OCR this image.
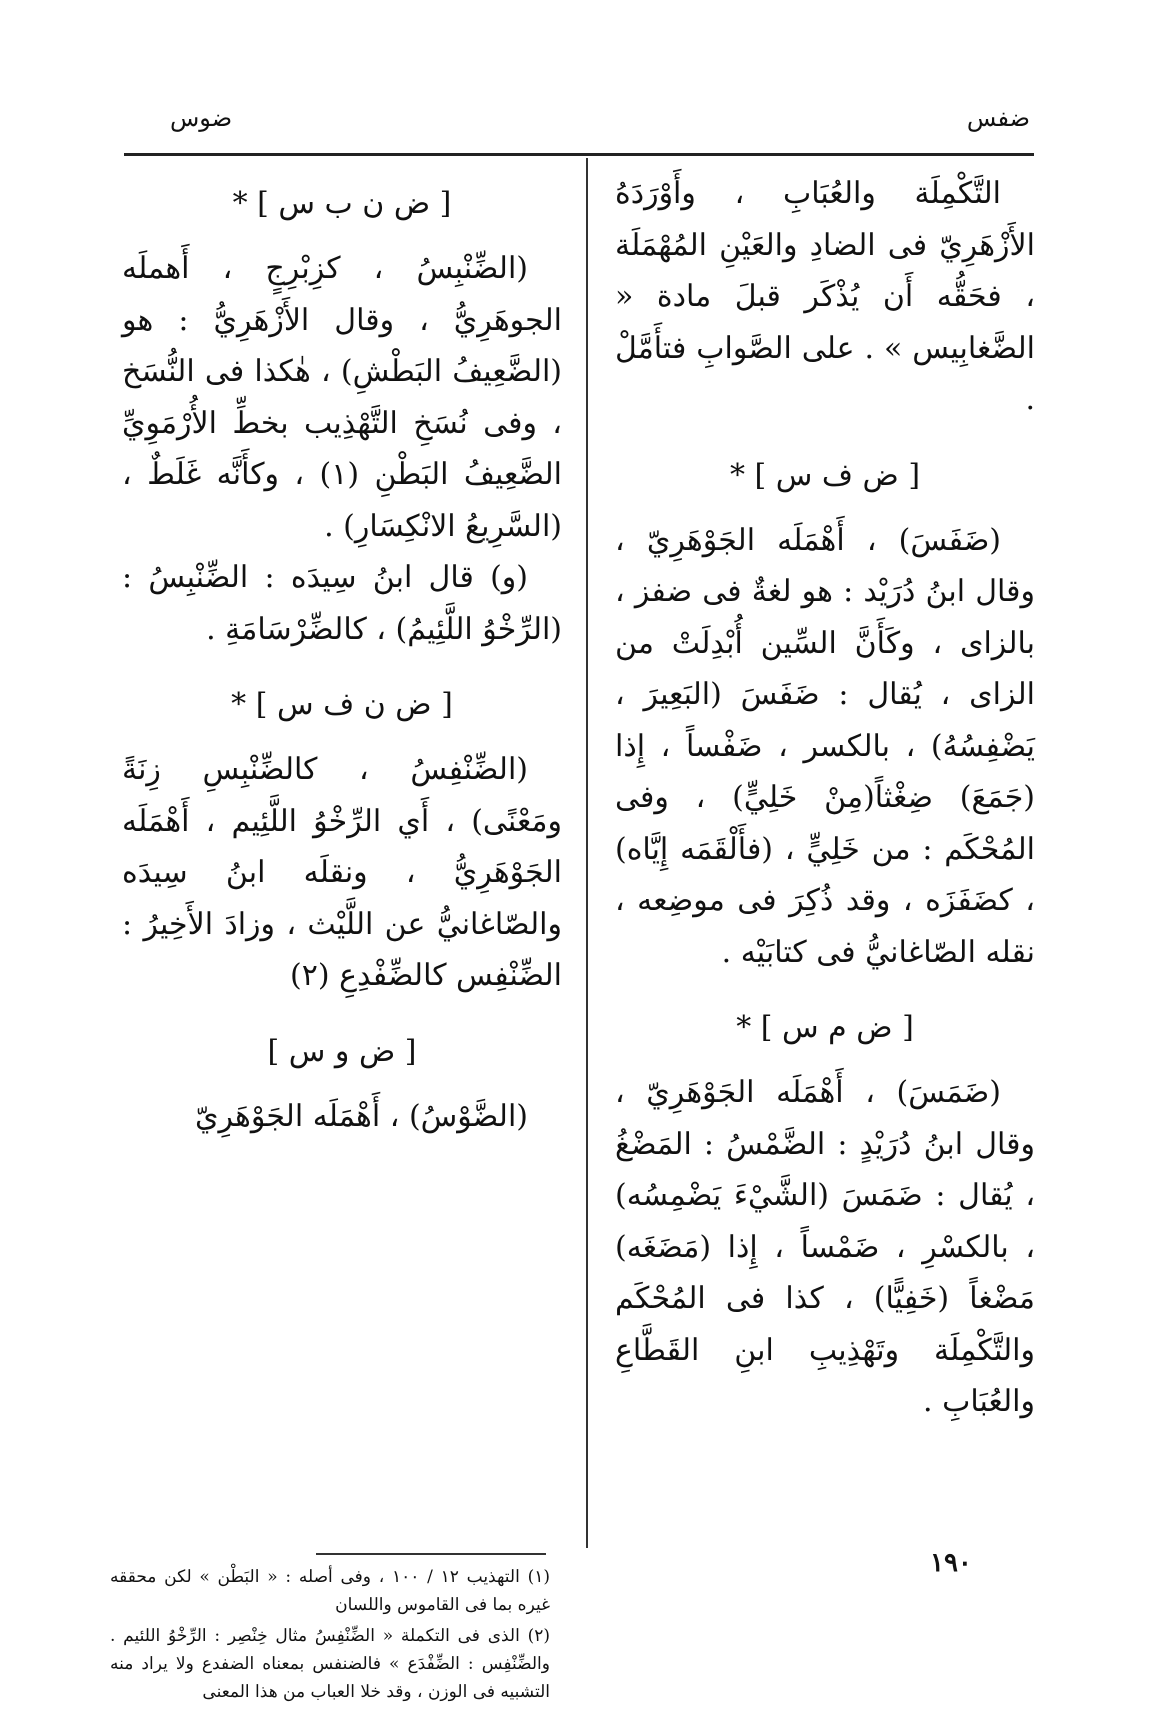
ضفس
ضوس

التَّكْمِلَة والعُبَابِ ، وأَوْرَدَهُ الأَزْهَرِيّ فى الضادِ والعَيْنِ المُهْمَلَة ، فحَقُّه أَن يُذْكَر قبلَ مادة « الضَّغابِيس » . على الصَّوابِ فتأَمَّلْ .

[ ض ف س ] *

(ضَفَسَ) ، أَهْمَلَه الجَوْهَرِيّ ، وقال ابنُ دُرَيْد : هو لغةٌ فى ضفز ، بالزاى ، وكَأَنَّ السِّين أُبْدِلَتْ من الزاى ، يُقال : ضَفَسَ (البَعِيرَ ، يَضْفِسُهُ) ، بالكسر ، ضَفْساً ، إِذا (جَمَعَ) ضِغْثاً(مِنْ خَلِيٍّ) ، وفى المُحْكَم : من خَلِيٍّ ، (فأَلْقَمَه إِيَّاه) ، كضَفَزَه ، وقد ذُكِرَ فى موضِعه ، نقله الصّاغانيُّ فى كتابَيْه .

[ ض م س ] *

(ضَمَسَ) ، أَهْمَلَه الجَوْهَرِيّ ، وقال ابنُ دُرَيْدٍ : الضَّمْسُ : المَضْغُ ، يُقال : ضَمَسَ (الشَّيْءَ يَضْمِسُه) ، بالكسْرِ ، ضَمْساً ، إِذا (مَضَغَه) مَضْغاً (خَفِيًّا) ، كذا فى المُحْكَم والتَّكْمِلَة وتَهْذِيبِ ابنِ القَطَّاعِ والعُبَابِ .

[ ض ن ب س ] *

(الضِّنْبِسُ ، كزِبْرِجٍ ، أَهملَه الجوهَرِيُّ ، وقال الأَزْهَرِيُّ : هو (الضَّعِيفُ البَطْشِ) ، هٰكذا فى النُّسَخ ، وفى نُسَخِ التَّهْذِيب بخطِّ الأُرْمَوِيِّ الضَّعِيفُ البَطْنِ (١) ، وكأَنَّه غَلَطٌ ، (السَّرِيعُ الانْكِسَارِ) .

(و) قال ابنُ سِيدَه : الضِّنْبِسُ : (الرِّخْوُ اللَّئِيمُ) ، كالضِّرْسَامَةِ .

[ ض ن ف س ] *

(الضِّنْفِسُ ، كالضِّنْبِسِ زِنَةً ومَعْنًى) ، أَي الرِّخْوُ اللَّئِيم ، أَهْمَلَه الجَوْهَرِيُّ ، ونقلَه ابنُ سِيدَه والصّاغانيُّ عن اللَّيْث ، وزادَ الأَخِيرُ : الضِّنْفِس كالضِّفْدِعِ (٢)

[ ض و س ]

(الضَّوْسُ) ، أَهْمَلَه الجَوْهَرِيّ

(١) التهذيب ١٢ / ١٠٠ ، وفى أصله : « البَطْن » لكن محققه غيره بما فى القاموس واللسان

(٢) الذى فى التكملة « الضِّنْفِسُ مثال خِنْصِر : الرِّخْوُ اللئيم . والضِّنْفِس : الضِّفْدَع » فالضنفس بمعناه الضفدع ولا يراد منه التشبيه فى الوزن ، وقد خلا العباب من هذا المعنى

١٩٠
